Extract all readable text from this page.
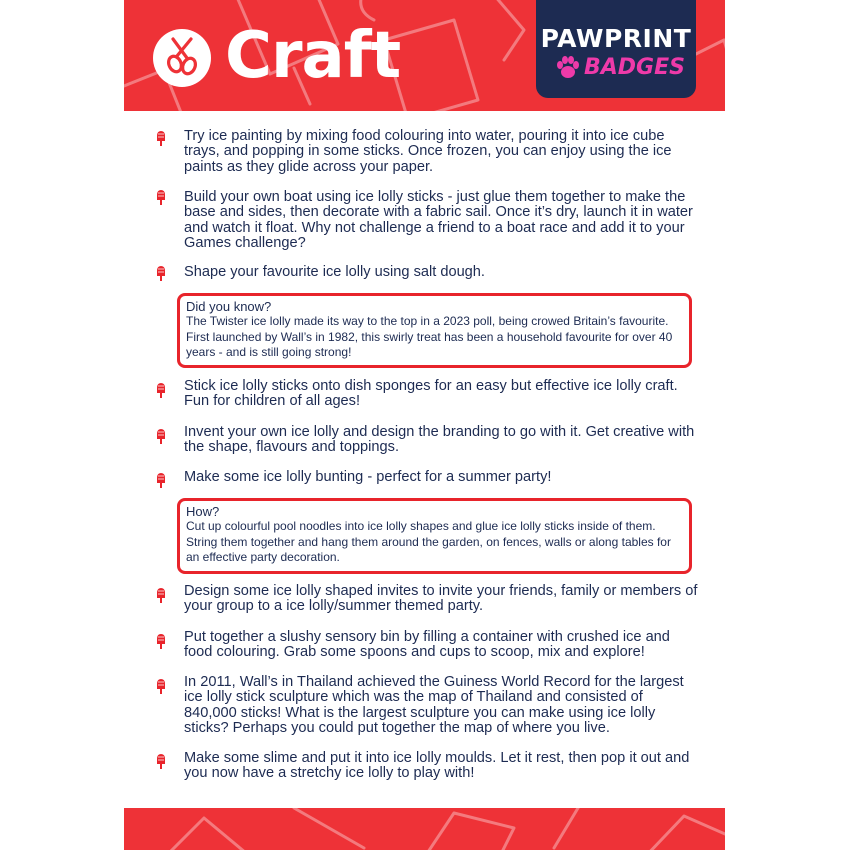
Craft	PAWPRINT
BADGES
Try ice painting by mixing food colouring into water, pouring it into ice cube trays, and popping in some sticks. Once frozen, you can enjoy using the ice paints as they glide across your paper.
Build your own boat using ice lolly sticks - just glue them together to make the base and sides, then decorate with a fabric sail. Once it’s dry, launch it in water and watch it float. Why not challenge a friend to a boat race and add it to your Games challenge?
Shape your favourite ice lolly using salt dough.
Did you know?
The Twister ice lolly made its way to the top in a 2023 poll, being crowed Britain’s favourite. First launched by Wall’s in 1982, this swirly treat has been a household favourite for over 40 years - and is still going strong!
Stick ice lolly sticks onto dish sponges for an easy but effective ice lolly craft. Fun for children of all ages!
Invent your own ice lolly and design the branding to go with it. Get creative with the shape, flavours and toppings.
Make some ice lolly bunting - perfect for a summer party!
How?
Cut up colourful pool noodles into ice lolly shapes and glue ice lolly sticks inside of them. String them together and hang them around the garden, on fences, walls or along tables for an effective party decoration.
Design some ice lolly shaped invites to invite your friends, family or members of your group to a ice lolly/summer themed party.
Put together a slushy sensory bin by filling a container with crushed ice and food colouring. Grab some spoons and cups to scoop, mix and explore!
In 2011, Wall’s in Thailand achieved the Guiness World Record for the largest ice lolly stick sculpture which was the map of Thailand and consisted of 840,000 sticks! What is the largest sculpture you can make using ice lolly sticks? Perhaps you could put together the map of where you live.
Make some slime and put it into ice lolly moulds. Let it rest, then pop it out and you now have a stretchy ice lolly to play with!
